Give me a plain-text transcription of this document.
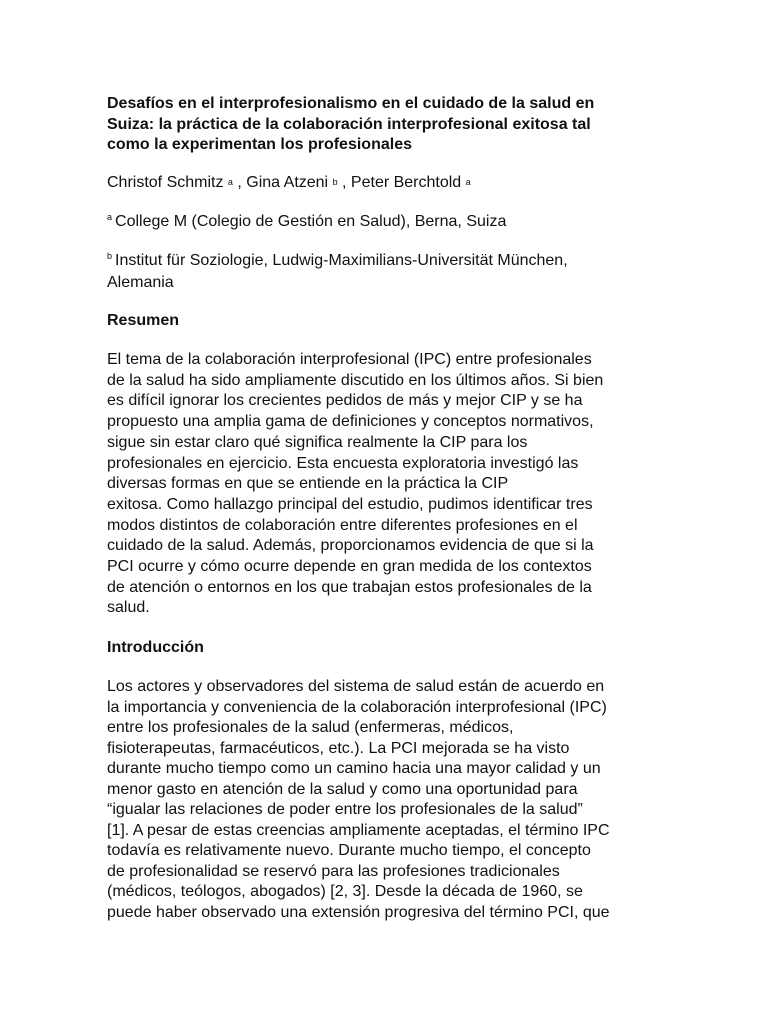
Desafíos en el interprofesionalismo en el cuidado de la salud en
Suiza: la práctica de la colaboración interprofesional exitosa tal
como la experimentan los profesionales
Christof Schmitz $^a$ , Gina Atzeni $^b$ , Peter Berchtold $^a$
$^a$ College M (Colegio de Gestión en Salud), Berna, Suiza
$^b$ Institut für Soziologie, Ludwig-Maximilians-Universität München,
Alemania
Resumen
El tema de la colaboración interprofesional (IPC) entre profesionales
de la salud ha sido ampliamente discutido en los últimos años. Si bien
es difícil ignorar los crecientes pedidos de más y mejor CIP y se ha
propuesto una amplia gama de definiciones y conceptos normativos,
sigue sin estar claro qué significa realmente la CIP para los
profesionales en ejercicio. Esta encuesta exploratoria investigó las
diversas formas en que se entiende en la práctica la CIP
exitosa. Como hallazgo principal del estudio, pudimos identificar tres
modos distintos de colaboración entre diferentes profesiones en el
cuidado de la salud. Además, proporcionamos evidencia de que si la
PCI ocurre y cómo ocurre depende en gran medida de los contextos
de atención o entornos en los que trabajan estos profesionales de la
salud.
Introducción
Los actores y observadores del sistema de salud están de acuerdo en
la importancia y conveniencia de la colaboración interprofesional (IPC)
entre los profesionales de la salud (enfermeras, médicos,
fisioterapeutas, farmacéuticos, etc.). La PCI mejorada se ha visto
durante mucho tiempo como un camino hacia una mayor calidad y un
menor gasto en atención de la salud y como una oportunidad para
“igualar las relaciones de poder entre los profesionales de la salud”
[1]. A pesar de estas creencias ampliamente aceptadas, el término IPC
todavía es relativamente nuevo. Durante mucho tiempo, el concepto
de profesionalidad se reservó para las profesiones tradicionales
(médicos, teólogos, abogados) [2, 3]. Desde la década de 1960, se
puede haber observado una extensión progresiva del término PCI, que
